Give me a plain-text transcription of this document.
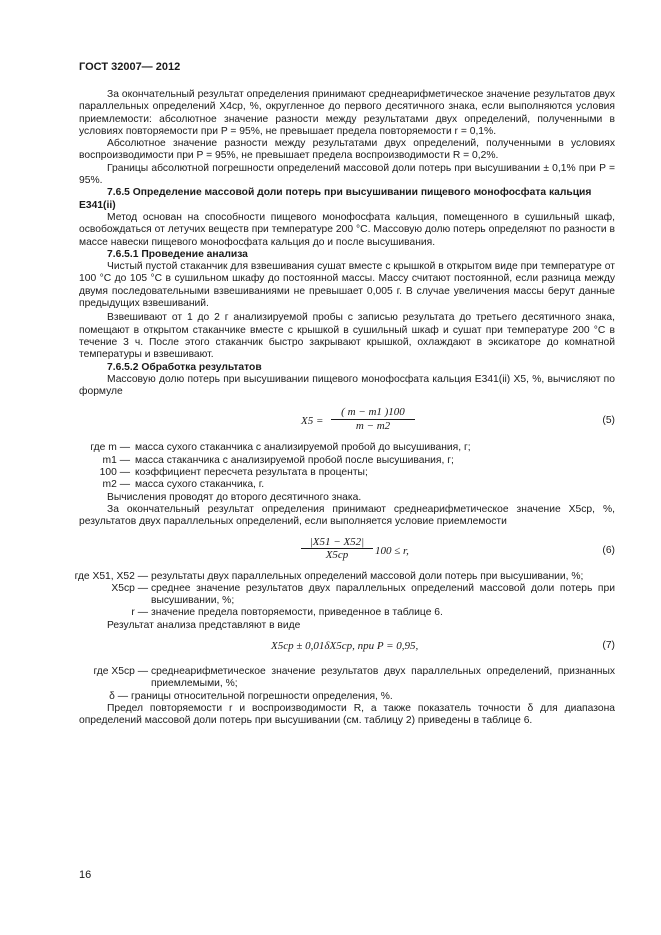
ГОСТ 32007— 2012

За окончательный результат определения принимают среднеарифметическое значение результатов двух параллельных определений X4ср, %, округленное до первого десятичного знака, если выполняются условия приемлемости: абсолютное значение разности между результатами двух определений, полученными в условиях повторяемости при P = 95%, не превышает предела повторяемости r = 0,1%.

Абсолютное значение разности между результатами двух определений, полученными в условиях воспроизводимости при P = 95%, не превышает предела воспроизводимости R = 0,2%.

Границы абсолютной погрешности определений массовой доли потерь при высушивании ± 0,1% при P = 95%.

7.6.5 Определение массовой доли потерь при высушивании пищевого монофосфата кальция Е341(ii)

Метод основан на способности пищевого монофосфата кальция, помещенного в сушильный шкаф, освобождаться от летучих веществ при температуре 200 °С. Массовую долю потерь определяют по разности в массе навески пищевого монофосфата кальция до и после высушивания.

7.6.5.1 Проведение анализа

Чистый пустой стаканчик для взвешивания сушат вместе с крышкой в открытом виде при температуре от 100 °С до 105 °С в сушильном шкафу до постоянной массы. Массу считают постоянной, если разница между двумя последовательными взвешиваниями не превышает 0,005 г. В случае увеличения массы берут данные предыдущих взвешиваний.

Взвешивают от 1 до 2 г анализируемой пробы с записью результата до третьего десятичного знака, помещают в открытом стаканчике вместе с крышкой в сушильный шкаф и сушат при температуре 200 °С в течение 3 ч. После этого стаканчик быстро закрывают крышкой, охлаждают в эксикаторе до комнатной температуры и взвешивают.

7.6.5.2 Обработка результатов

Массовую долю потерь при высушивании пищевого монофосфата кальция Е341(ii) X5, %, вычисляют по формуле

X5 =
( m − m1 )100
m − m2	(5)
где m — масса сухого стаканчика с анализируемой пробой до высушивания, г;
m1 — масса стаканчика с анализируемой пробой после высушивания, г;
100 — коэффициент пересчета результата в проценты;
m2 — масса сухого стаканчика, г.

Вычисления проводят до второго десятичного знака.

За окончательный результат определения принимают среднеарифметическое значение X5ср, %, результатов двух параллельных определений, если выполняется условие приемлемости

|X51 − X52|
X5ср	100 ≤ r,	(6)
где X51, X52 — результаты двух параллельных определений массовой доли потерь при высушивании, %;
X5ср — среднее значение результатов двух параллельных определений массовой доли потерь при высушивании, %;
r — значение предела повторяемости, приведенное в таблице 6.

Результат анализа представляют в виде

X5ср ± 0,01δX5ср, при P = 0,95,	(7)
где X5ср — среднеарифметическое значение результатов двух параллельных определений, признанных приемлемыми, %;
δ — границы относительной погрешности определения, %.

Предел повторяемости r и воспроизводимости R, а также показатель точности δ для диапазона определений массовой доли потерь при высушивании (см. таблицу 2) приведены в таблице 6.

16
